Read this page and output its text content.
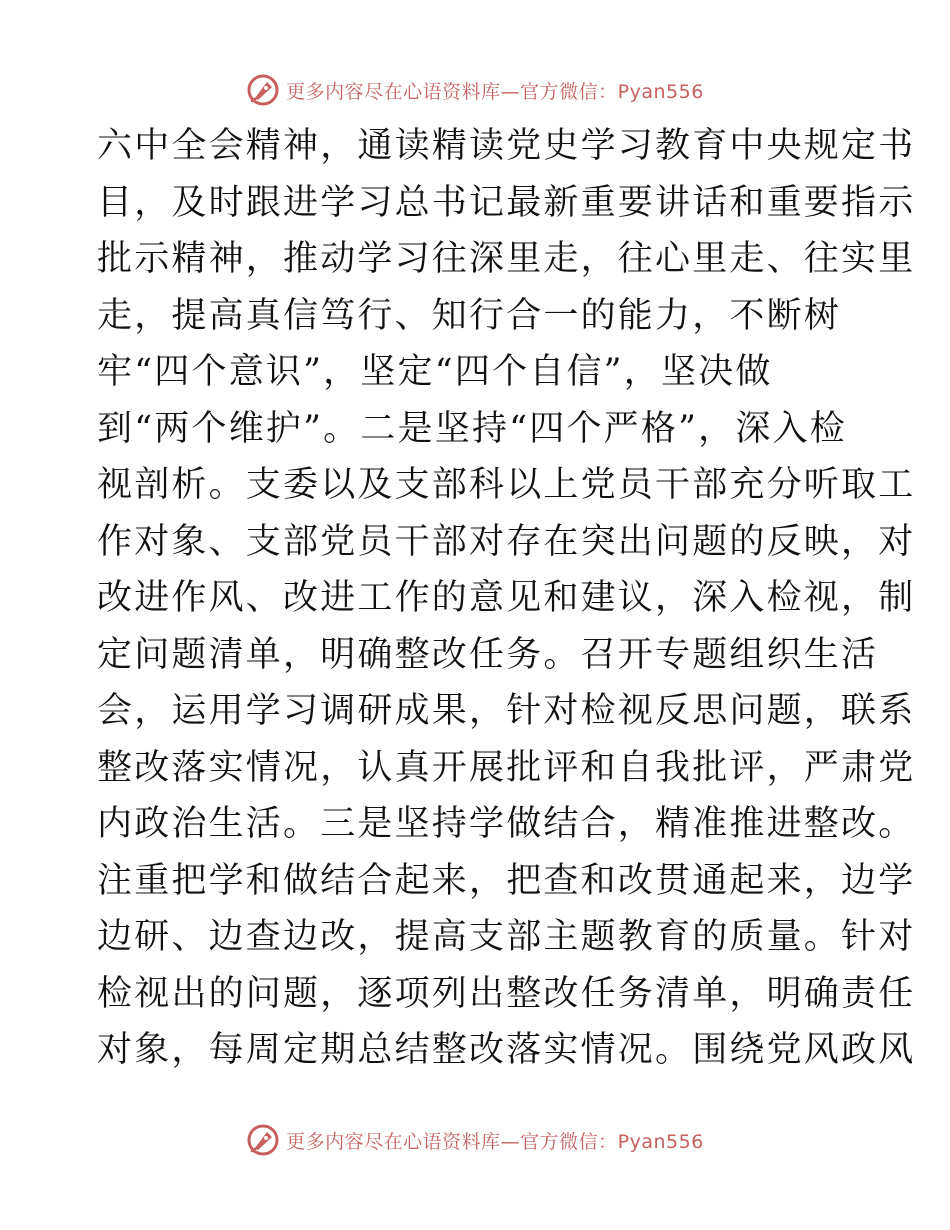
更多内容尽在心语资料库—官方微信：Pyan556
六中全会精神，通读精读党史学习教育中央规定书
目，及时跟进学习总书记最新重要讲话和重要指示
批示精神，推动学习往深里走，往心里走、往实里
走，提高真信笃行、知行合一的能力，不断树
牢“四个意识”，坚定“四个自信”，坚决做
到“两个维护”。二是坚持“四个严格”，深入检
视剖析。支委以及支部科以上党员干部充分听取工
作对象、支部党员干部对存在突出问题的反映，对
改进作风、改进工作的意见和建议，深入检视，制
定问题清单，明确整改任务。召开专题组织生活
会，运用学习调研成果，针对检视反思问题，联系
整改落实情况，认真开展批评和自我批评，严肃党
内政治生活。三是坚持学做结合，精准推进整改。
注重把学和做结合起来，把查和改贯通起来，边学
边研、边查边改，提高支部主题教育的质量。针对
检视出的问题，逐项列出整改任务清单，明确责任
对象，每周定期总结整改落实情况。围绕党风政风
更多内容尽在心语资料库—官方微信：Pyan556
